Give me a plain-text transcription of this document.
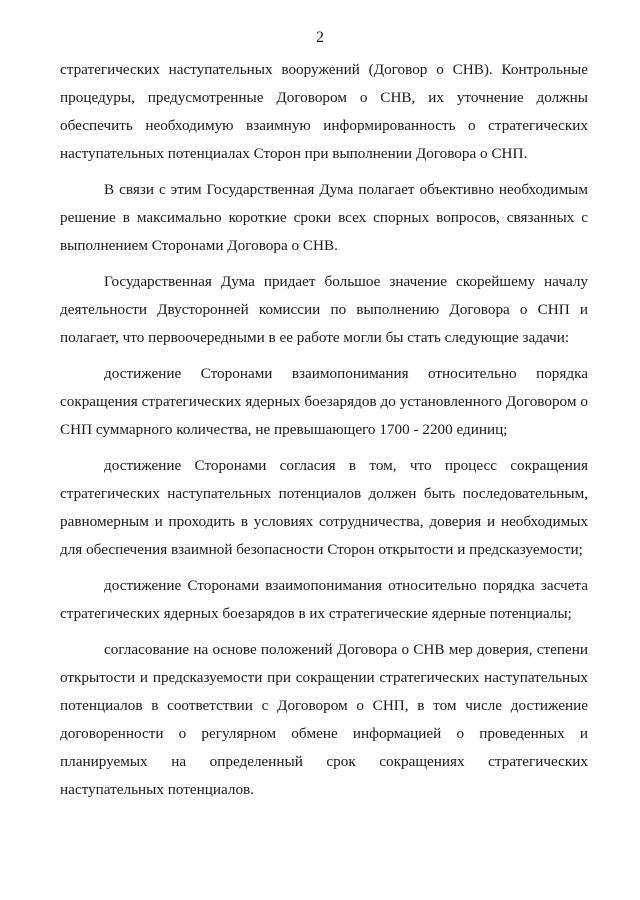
2

стратегических наступательных вооружений (Договор о СНВ). Контрольные процедуры, предусмотренные Договором о СНВ, их уточнение должны обеспечить необходимую взаимную информированность о стратегических наступательных потенциалах Сторон при выполнении Договора о СНП.

В связи с этим Государственная Дума полагает объективно необходимым решение в максимально короткие сроки всех спорных вопросов, связанных с выполнением Сторонами Договора о СНВ.

Государственная Дума придает большое значение скорейшему началу деятельности Двусторонней комиссии по выполнению Договора о СНП и полагает, что первоочередными в ее работе могли бы стать следующие задачи:

достижение Сторонами взаимопонимания относительно порядка сокращения стратегических ядерных боезарядов до установленного Договором о СНП суммарного количества, не превышающего 1700 - 2200 единиц;

достижение Сторонами согласия в том, что процесс сокращения стратегических наступательных потенциалов должен быть последовательным, равномерным и проходить в условиях сотрудничества, доверия и необходимых для обеспечения взаимной безопасности Сторон открытости и предсказуемости;

достижение Сторонами взаимопонимания относительно порядка засчета стратегических ядерных боезарядов в их стратегические ядерные потенциалы;

согласование на основе положений Договора о СНВ мер доверия, степени открытости и предсказуемости при сокращении стратегических наступательных потенциалов в соответствии с Договором о СНП, в том числе достижение договоренности о регулярном обмене информацией о проведенных и планируемых на определенный срок сокращениях стратегических наступательных потенциалов.
